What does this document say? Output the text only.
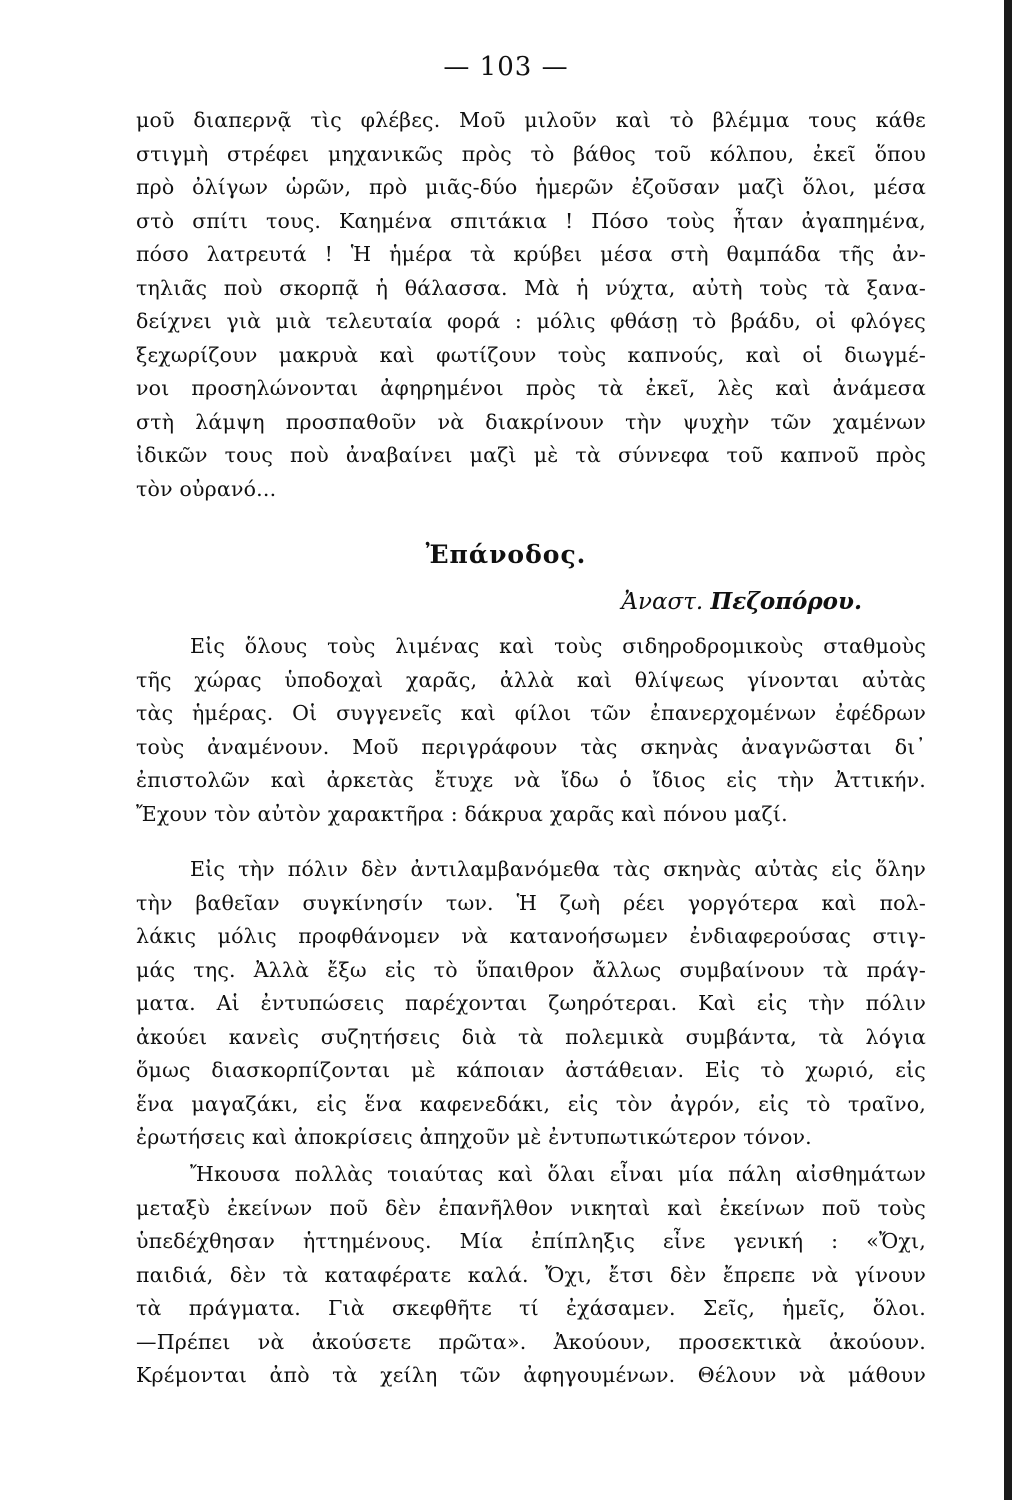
— 103 —
μοῦ διαπερνᾷ τὶς φλέβες. Μοῦ μιλοῦν καὶ τὸ βλέμμα τους κάθε
στιγμὴ στρέφει μηχανικῶς πρὸς τὸ βάθος τοῦ κόλπου, ἐκεῖ ὅπου
πρὸ ὀλίγων ὡρῶν, πρὸ μιᾶς-δύο ἡμερῶν ἐζοῦσαν μαζὶ ὅλοι, μέσα
στὸ σπίτι τους. Καημένα σπιτάκια ! Πόσο τοὺς ἦταν ἀγαπημένα,
πόσο λατρευτά ! Ἡ ἡμέρα τὰ κρύβει μέσα στὴ θαμπάδα τῆς ἀν-
τηλιᾶς ποὺ σκορπᾷ ἡ θάλασσα. Μὰ ἡ νύχτα, αὐτὴ τοὺς τὰ ξανα-
δείχνει γιὰ μιὰ τελευταία φορά : μόλις φθάσῃ τὸ βράδυ, οἱ φλόγες
ξεχωρίζουν μακρυὰ καὶ φωτίζουν τοὺς καπνούς, καὶ οἱ διωγμέ-
νοι προσηλώνονται ἀφηρημένοι πρὸς τὰ ἐκεῖ, λὲς καὶ ἀνάμεσα
στὴ λάμψη προσπαθοῦν νὰ διακρίνουν τὴν ψυχὴν τῶν χαμένων
ἰδικῶν τους ποὺ ἀναβαίνει μαζὶ μὲ τὰ σύννεφα τοῦ καπνοῦ πρὸς
τὸν οὐρανό...
Ἐπάνοδος.
Ἀναστ. Πεζοπόρου.
Εἰς ὅλους τοὺς λιμένας καὶ τοὺς σιδηροδρομικοὺς σταθμοὺς
τῆς χώρας ὑποδοχαὶ χαρᾶς, ἀλλὰ καὶ θλίψεως γίνονται αὐτὰς
τὰς ἡμέρας. Οἱ συγγενεῖς καὶ φίλοι τῶν ἐπανερχομένων ἐφέδρων
τοὺς ἀναμένουν. Μοῦ περιγράφουν τὰς σκηνὰς ἀναγνῶσται δι᾿
ἐπιστολῶν καὶ ἀρκετὰς ἔτυχε νὰ ἴδω ὁ ἴδιος εἰς τὴν Ἀττικήν.
Ἔχουν τὸν αὐτὸν χαρακτῆρα : δάκρυα χαρᾶς καὶ πόνου μαζί.
Εἰς τὴν πόλιν δὲν ἀντιλαμβανόμεθα τὰς σκηνὰς αὐτὰς εἰς ὅλην
τὴν βαθεῖαν συγκίνησίν των. Ἡ ζωὴ ρέει γοργότερα καὶ πολ-
λάκις μόλις προφθάνομεν νὰ κατανοήσωμεν ἐνδιαφερούσας στιγ-
μάς της. Ἀλλὰ ἔξω εἰς τὸ ὕπαιθρον ἄλλως συμβαίνουν τὰ πράγ-
ματα. Αἱ ἐντυπώσεις παρέχονται ζωηρότεραι. Καὶ εἰς τὴν πόλιν
ἀκούει κανεὶς συζητήσεις διὰ τὰ πολεμικὰ συμβάντα, τὰ λόγια
ὅμως διασκορπίζονται μὲ κάποιαν ἀστάθειαν. Εἰς τὸ χωριό, εἰς
ἕνα μαγαζάκι, εἰς ἕνα καφενεδάκι, εἰς τὸν ἀγρόν, εἰς τὸ τραῖνο,
ἐρωτήσεις καὶ ἀποκρίσεις ἀπηχοῦν μὲ ἐντυπωτικώτερον τόνον.
Ἤκουσα πολλὰς τοιαύτας καὶ ὅλαι εἶναι μία πάλη αἰσθημάτων
μεταξὺ ἐκείνων ποῦ δὲν ἐπανῆλθον νικηταὶ καὶ ἐκείνων ποῦ τοὺς
ὑπεδέχθησαν ἡττημένους. Μία ἐπίπληξις εἶνε γενική : «Ὄχι,
παιδιά, δὲν τὰ καταφέρατε καλά. Ὄχι, ἔτσι δὲν ἔπρεπε νὰ γίνουν
τὰ πράγματα. Γιὰ σκεφθῆτε τί ἐχάσαμεν. Σεῖς, ἡμεῖς, ὅλοι.
—Πρέπει νὰ ἀκούσετε πρῶτα». Ἀκούουν, προσεκτικὰ ἀκούουν.
Κρέμονται ἀπὸ τὰ χείλη τῶν ἀφηγουμένων. Θέλουν νὰ μάθουν
